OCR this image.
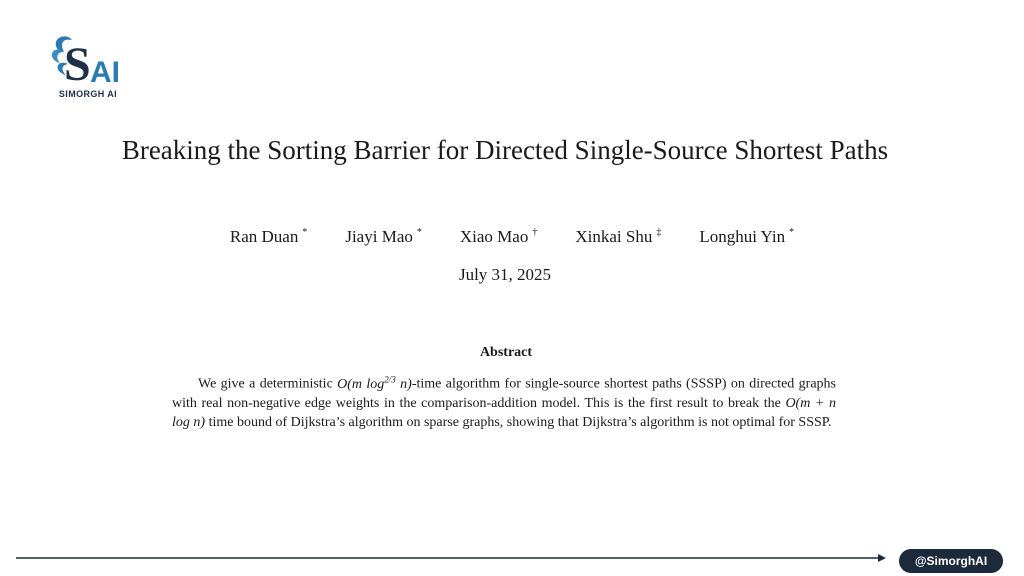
S AI
SIMORGH AI
Breaking the Sorting Barrier for Directed Single-Source Shortest Paths
Ran Duan * Jiayi Mao * Xiao Mao † Xinkai Shu ‡ Longhui Yin *
July 31, 2025
Abstract

We give a deterministic O(m $\log^{2/3}$ n)-time algorithm for single-source shortest paths (SSSP) on directed graphs with real non-negative edge weights in the comparison-addition model. This is the first result to break the O(m + n log n) time bound of Dijkstra’s algorithm on sparse graphs, showing that Dijkstra’s algorithm is not optimal for SSSP.

@SimorghAI
